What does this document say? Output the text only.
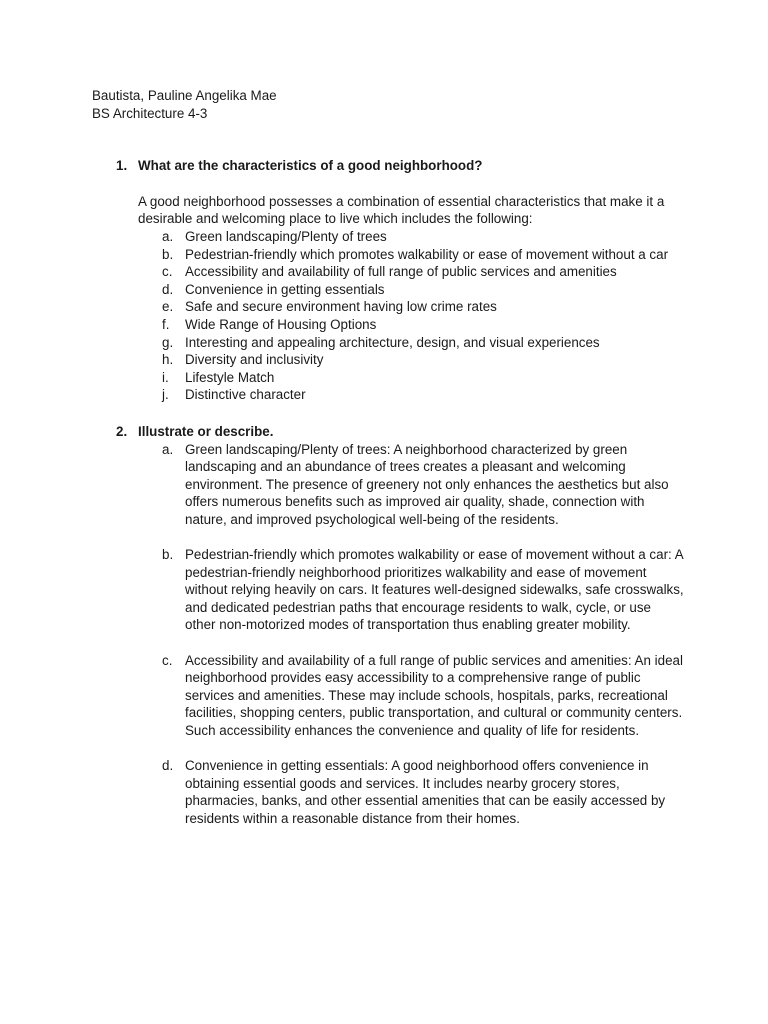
Bautista, Pauline Angelika Mae
BS Architecture 4-3
1. What are the characteristics of a good neighborhood?
A good neighborhood possesses a combination of essential characteristics that make it a desirable and welcoming place to live which includes the following:
a. Green landscaping/Plenty of trees
b. Pedestrian-friendly which promotes walkability or ease of movement without a car
c. Accessibility and availability of full range of public services and amenities
d. Convenience in getting essentials
e. Safe and secure environment having low crime rates
f. Wide Range of Housing Options
g. Interesting and appealing architecture, design, and visual experiences
h. Diversity and inclusivity
i. Lifestyle Match
j. Distinctive character
2. Illustrate or describe.
a. Green landscaping/Plenty of trees: A neighborhood characterized by green landscaping and an abundance of trees creates a pleasant and welcoming environment. The presence of greenery not only enhances the aesthetics but also offers numerous benefits such as improved air quality, shade, connection with nature, and improved psychological well-being of the residents.
b. Pedestrian-friendly which promotes walkability or ease of movement without a car: A pedestrian-friendly neighborhood prioritizes walkability and ease of movement without relying heavily on cars. It features well-designed sidewalks, safe crosswalks, and dedicated pedestrian paths that encourage residents to walk, cycle, or use other non-motorized modes of transportation thus enabling greater mobility.
c. Accessibility and availability of a full range of public services and amenities: An ideal neighborhood provides easy accessibility to a comprehensive range of public services and amenities. These may include schools, hospitals, parks, recreational facilities, shopping centers, public transportation, and cultural or community centers. Such accessibility enhances the convenience and quality of life for residents.
d. Convenience in getting essentials: A good neighborhood offers convenience in obtaining essential goods and services. It includes nearby grocery stores, pharmacies, banks, and other essential amenities that can be easily accessed by residents within a reasonable distance from their homes.
